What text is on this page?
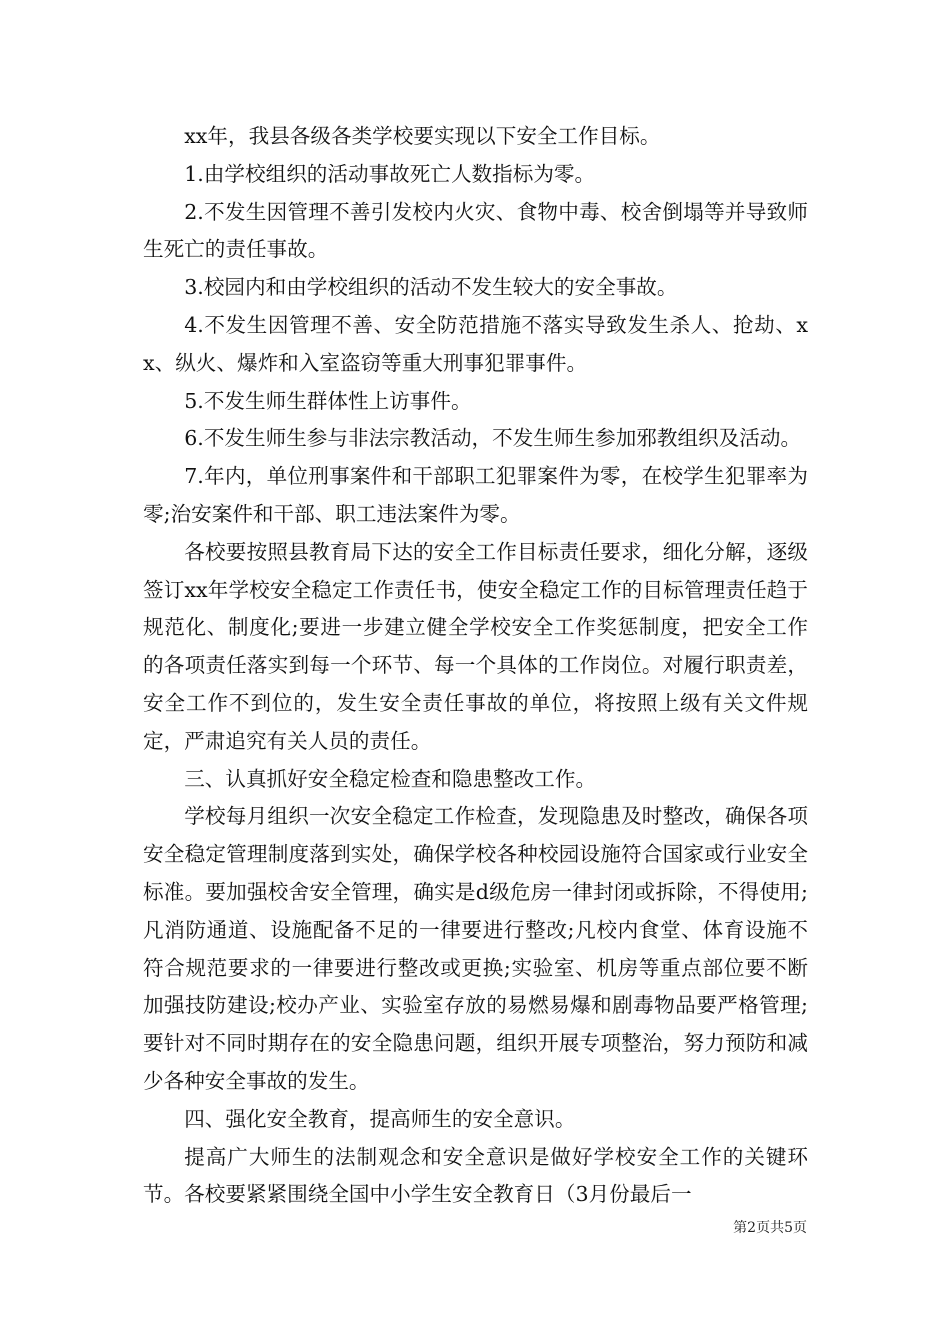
xx年，我县各级各类学校要实现以下安全工作目标。

1.由学校组织的活动事故死亡人数指标为零。

2.不发生因管理不善引发校内火灾、食物中毒、校舍倒塌等并导致师生死亡的责任事故。

3.校园内和由学校组织的活动不发生较大的安全事故。

4.不发生因管理不善、安全防范措施不落实导致发生杀人、抢劫、xx、纵火、爆炸和入室盗窃等重大刑事犯罪事件。

5.不发生师生群体性上访事件。

6.不发生师生参与非法宗教活动，不发生师生参加邪教组织及活动。

7.年内，单位刑事案件和干部职工犯罪案件为零，在校学生犯罪率为零;治安案件和干部、职工违法案件为零。

各校要按照县教育局下达的安全工作目标责任要求，细化分解，逐级签订xx年学校安全稳定工作责任书，使安全稳定工作的目标管理责任趋于规范化、制度化;要进一步建立健全学校安全工作奖惩制度，把安全工作的各项责任落实到每一个环节、每一个具体的工作岗位。对履行职责差，安全工作不到位的，发生安全责任事故的单位，将按照上级有关文件规定，严肃追究有关人员的责任。

三、认真抓好安全稳定检查和隐患整改工作。

学校每月组织一次安全稳定工作检查，发现隐患及时整改，确保各项安全稳定管理制度落到实处，确保学校各种校园设施符合国家或行业安全标准。要加强校舍安全管理，确实是d级危房一律封闭或拆除，不得使用;凡消防通道、设施配备不足的一律要进行整改;凡校内食堂、体育设施不符合规范要求的一律要进行整改或更换;实验室、机房等重点部位要不断加强技防建设;校办产业、实验室存放的易燃易爆和剧毒物品要严格管理;要针对不同时期存在的安全隐患问题，组织开展专项整治，努力预防和减少各种安全事故的发生。

四、强化安全教育，提高师生的安全意识。

提高广大师生的法制观念和安全意识是做好学校安全工作的关键环节。各校要紧紧围绕全国中小学生安全教育日（3月份最后一

第2页共5页
